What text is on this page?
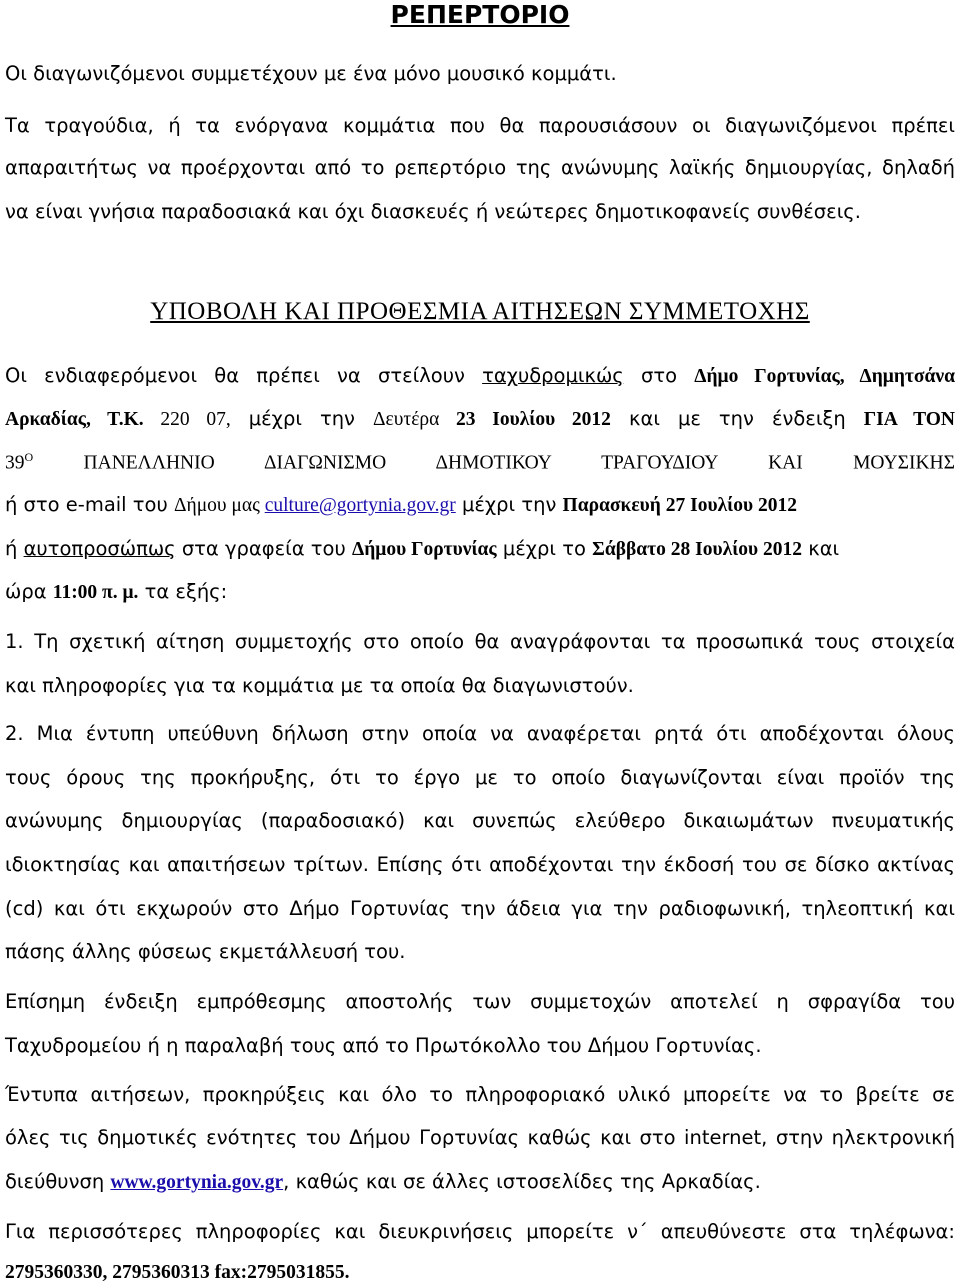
ΡΕΠΕΡΤΟΡΙΟ
Οι διαγωνιζόμενοι συμμετέχουν με ένα μόνο μουσικό κομμάτι.
Τα τραγούδια, ή τα ενόργανα κομμάτια που θα παρουσιάσουν οι διαγωνιζόμενοι πρέπει
απαραιτήτως να προέρχονται από το ρεπερτόριο της ανώνυμης λαϊκής δημιουργίας, δηλαδή
να είναι γνήσια παραδοσιακά και όχι διασκευές ή νεώτερες δημοτικοφανείς συνθέσεις.
ΥΠΟΒΟΛΗ ΚΑΙ ΠΡΟΘΕΣΜΙΑ ΑΙΤΗΣΕΩΝ ΣΥΜΜΕΤΟΧΗΣ
Οι ενδιαφερόμενοι θα πρέπει να στείλουν ταχυδρομικώς στο Δήμο Γορτυνίας, Δημητσάνα
Αρκαδίας, Τ.Κ. 220 07, μέχρι την Δευτέρα 23 Ιουλίου 2012 και με την ένδειξη ΓΙΑ ΤΟΝ
$39^O$ ΠΑΝΕΛΛΗΝΙΟ ΔΙΑΓΩΝΙΣΜΟ ΔΗΜΟΤΙΚΟΥ ΤΡΑΓΟΥΔΙΟΥ ΚΑΙ ΜΟΥΣΙΚΗΣ
ή στο e-mail του Δήμου μας culture@gortynia.gov.gr μέχρι την Παρασκευή 27 Ιουλίου 2012
ή αυτοπροσώπως στα γραφεία του Δήμου Γορτυνίας μέχρι το Σάββατο 28 Ιουλίου 2012 και
ώρα 11:00 π. μ. τα εξής:
1. Τη σχετική αίτηση συμμετοχής στο οποίο θα αναγράφονται τα προσωπικά τους στοιχεία
και πληροφορίες για τα κομμάτια με τα οποία θα διαγωνιστούν.
2. Μια έντυπη υπεύθυνη δήλωση στην οποία να αναφέρεται ρητά ότι αποδέχονται όλους
τους όρους της προκήρυξης, ότι το έργο με το οποίο διαγωνίζονται είναι προϊόν της
ανώνυμης δημιουργίας (παραδοσιακό) και συνεπώς ελεύθερο δικαιωμάτων πνευματικής
ιδιοκτησίας και απαιτήσεων τρίτων. Επίσης ότι αποδέχονται την έκδοσή του σε δίσκο ακτίνας
(cd) και ότι εκχωρούν στο Δήμο Γορτυνίας την άδεια για την ραδιοφωνική, τηλεοπτική και
πάσης άλλης φύσεως εκμετάλλευσή του.
Επίσημη ένδειξη εμπρόθεσμης αποστολής των συμμετοχών αποτελεί η σφραγίδα του
Ταχυδρομείου ή η παραλαβή τους από το Πρωτόκολλο του Δήμου Γορτυνίας.
Έντυπα αιτήσεων, προκηρύξεις και όλο το πληροφοριακό υλικό μπορείτε να το βρείτε σε
όλες τις δημοτικές ενότητες του Δήμου Γορτυνίας καθώς και στο internet, στην ηλεκτρονική
διεύθυνση www.gortynia.gov.gr, καθώς και σε άλλες ιστοσελίδες της Αρκαδίας.
Για περισσότερες πληροφορίες και διευκρινήσεις μπορείτε ν΄ απευθύνεστε στα τηλέφωνα:
2795360330, 2795360313 fax:2795031855.
